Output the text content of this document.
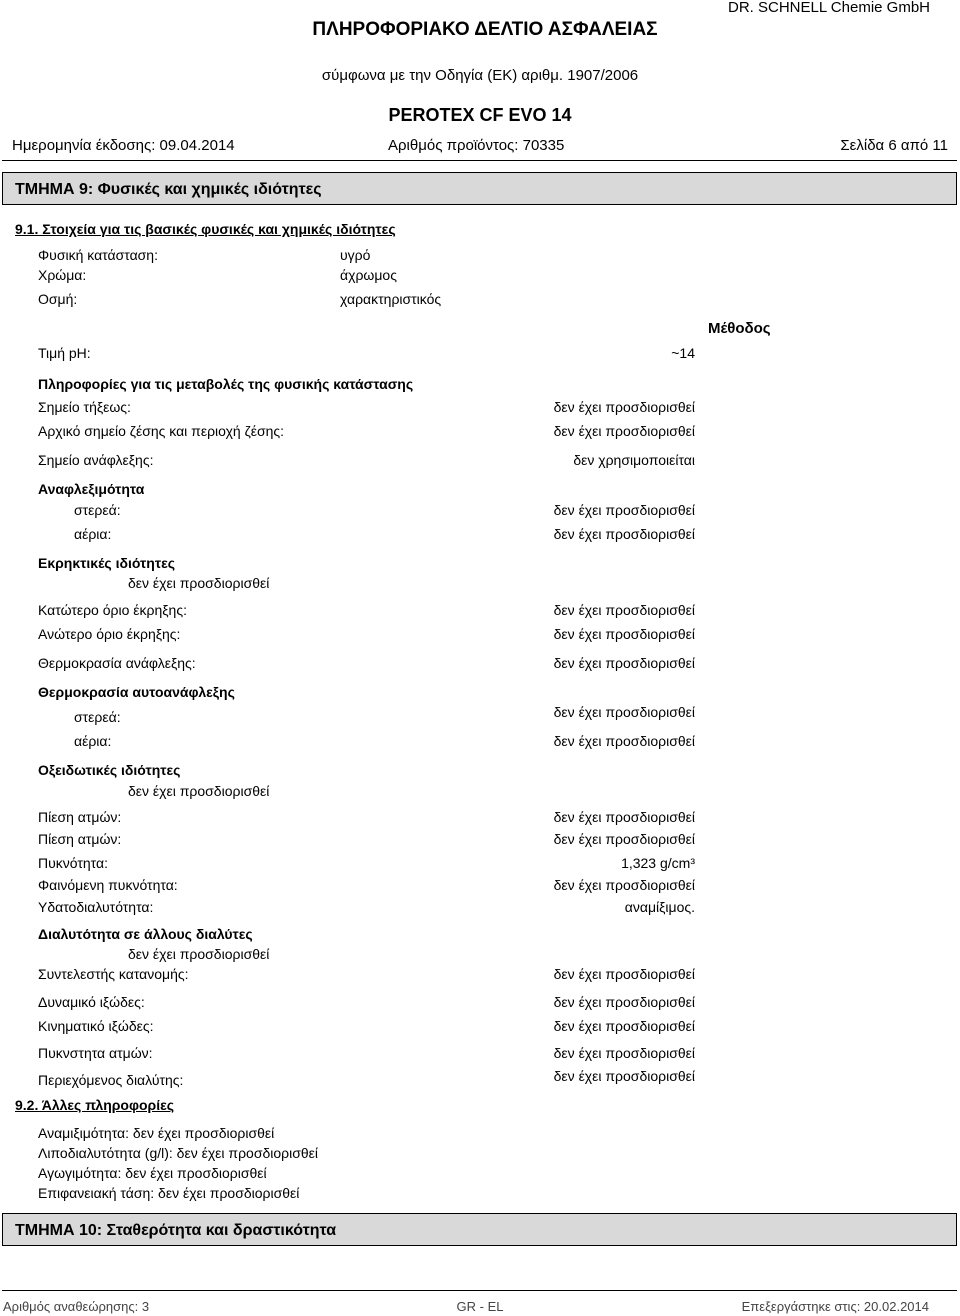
ΠΛΗΡΟΦΟΡΙΑΚΟ ΔΕΛΤΙΟ ΑΣΦΑΛΕΙΑΣ
DR. SCHNELL Chemie GmbH
σύμφωνα με την Οδηγία (ΕΚ) αριθμ. 1907/2006
PEROTEX CF EVO 14
Ημερομηνία έκδοσης: 09.04.2014	Αριθμός προϊόντος: 70335	Σελίδα 6 από 11
ΤΜΗΜΑ 9: Φυσικές και χημικές ιδιότητες
9.1. Στοιχεία για τις βασικές φυσικές και χημικές ιδιότητες
Φυσική κατάσταση:	υγρό
Χρώμα:	άχρωμος
Οσμή:	χαρακτηριστικός
Μέθοδος
Τιμή pH:	~14
Πληροφορίες για τις μεταβολές της φυσικής κατάστασης
Σημείο τήξεως:	δεν έχει προσδιορισθεί
Αρχικό σημείο ζέσης και περιοχή ζέσης:	δεν έχει προσδιορισθεί
Σημείο ανάφλεξης:	δεν χρησιμοποιείται
Αναφλεξιμότητα
στερεά:	δεν έχει προσδιορισθεί
αέρια:	δεν έχει προσδιορισθεί
Εκρηκτικές ιδιότητες
δεν έχει προσδιορισθεί
Κατώτερο όριο έκρηξης:	δεν έχει προσδιορισθεί
Ανώτερο όριο έκρηξης:	δεν έχει προσδιορισθεί
Θερμοκρασία ανάφλεξης:	δεν έχει προσδιορισθεί
Θερμοκρασία αυτοανάφλεξης
στερεά:	δεν έχει προσδιορισθεί
αέρια:	δεν έχει προσδιορισθεί
Οξειδωτικές ιδιότητες
δεν έχει προσδιορισθεί
Πίεση ατμών:	δεν έχει προσδιορισθεί
Πίεση ατμών:	δεν έχει προσδιορισθεί
Πυκνότητα:	1,323 g/cm³
Φαινόμενη πυκνότητα:	δεν έχει προσδιορισθεί
Υδατοδιαλυτότητα:	αναμίξιμος.
Διαλυτότητα σε άλλους διαλύτες
δεν έχει προσδιορισθεί
Συντελεστής κατανομής:	δεν έχει προσδιορισθεί
Δυναμικό ιξώδες:	δεν έχει προσδιορισθεί
Κινηματικό ιξώδες:	δεν έχει προσδιορισθεί
Πυκνστητα ατμών:	δεν έχει προσδιορισθεί
Περιεχόμενος διαλύτης:	δεν έχει προσδιορισθεί
9.2. Άλλες πληροφορίες
Αναμιξιμότητα: δεν έχει προσδιορισθεί
Λιποδιαλυτότητα (g/l): δεν έχει προσδιορισθεί
Αγωγιμότητα: δεν έχει προσδιορισθεί
Επιφανειακή τάση: δεν έχει προσδιορισθεί
ΤΜΗΜΑ 10: Σταθερότητα και δραστικότητα
Αριθμός αναθεώρησης: 3	GR - EL	Επεξεργάστηκε στις: 20.02.2014
